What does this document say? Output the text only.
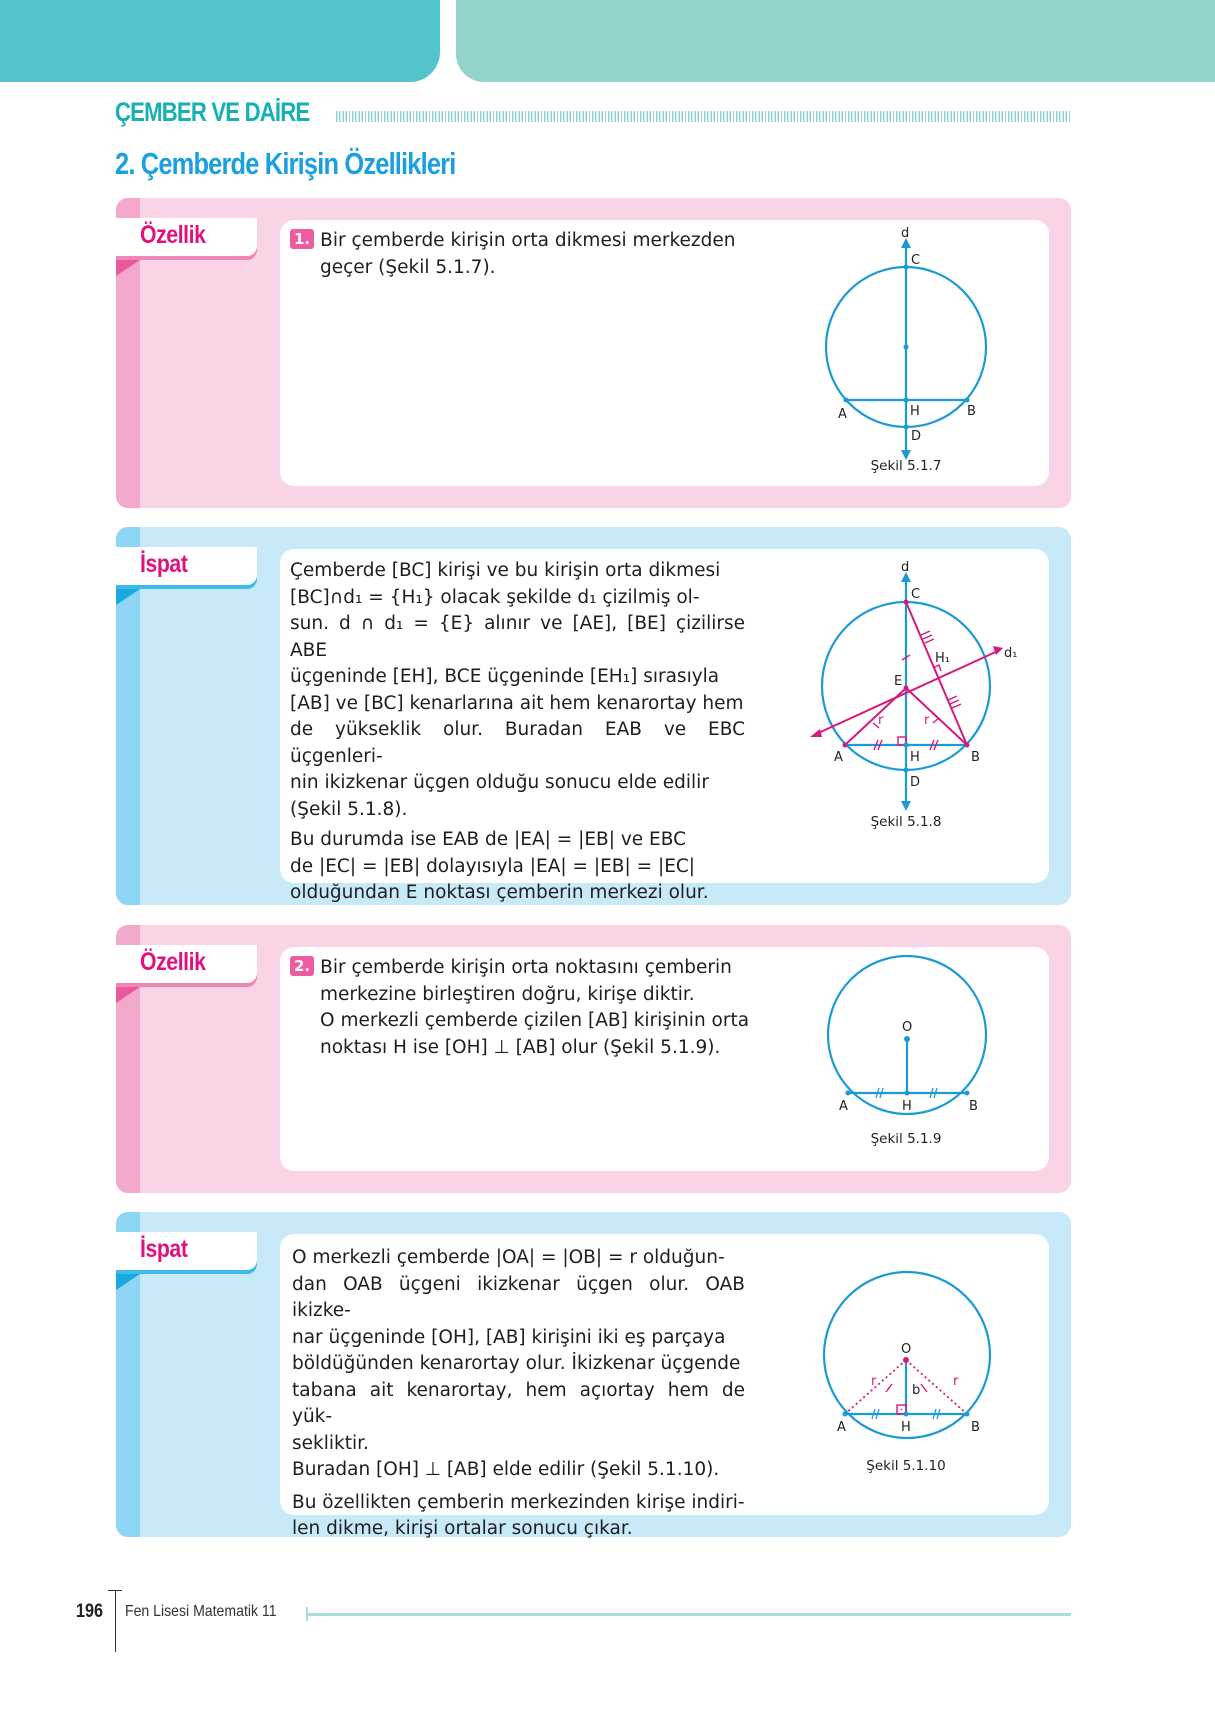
ÇEMBER VE DAİRE
2. Çemberde Kirişin Özellikleri
Özellik	1. Bir çemberde kirişin orta dikmesi merkezden

geçer (Şekil 5.1.7).

d
C
A	H	B
D
Şekil 5.1.7
İspat	Çemberde [BC] kirişi ve bu kirişin orta dikmesi

[BC]∩d₁ = {H₁} olacak şekilde d₁ çizilmiş ol-

sun. d ∩ d₁ = {E} alınır ve [AE], [BE] çizilirse ABE

üçgeninde [EH], BCE üçgeninde [EH₁] sırasıyla

[AB] ve [BC] kenarlarına ait hem kenarortay hem

de yükseklik olur. Buradan EAB ve EBC üçgenleri-

nin ikizkenar üçgen olduğu sonucu elde edilir

(Şekil 5.1.8).

Bu durumda ise EAB de |EA| = |EB| ve EBC

de |EC| = |EB| dolayısıyla |EA| = |EB| = |EC|

olduğundan E noktası çemberin merkezi olur.

d
C
d₁
H₁
E
r	r
A	H	B
D
Şekil 5.1.8
Özellik	2. Bir çemberde kirişin orta noktasını çemberin

merkezine birleştiren doğru, kirişe diktir.

O merkezli çemberde çizilen [AB] kirişinin orta

noktası H ise [OH] ⊥ [AB] olur (Şekil 5.1.9).

O
A	H	B
Şekil 5.1.9
İspat	O merkezli çemberde |OA| = |OB| = r olduğun-

dan OAB üçgeni ikizkenar üçgen olur. OAB ikizke-

nar üçgeninde [OH], [AB] kirişini iki eş parçaya

böldüğünden kenarortay olur. İkizkenar üçgende

tabana ait kenarortay, hem açıortay hem de yük-

sekliktir.

Buradan [OH] ⊥ [AB] elde edilir (Şekil 5.1.10).

Bu özellikten çemberin merkezinden kirişe indiri-

len dikme, kirişi ortalar sonucu çıkar.

O
r	r
b
A	H	B
Şekil 5.1.10
196 Fen Lisesi Matematik 11
